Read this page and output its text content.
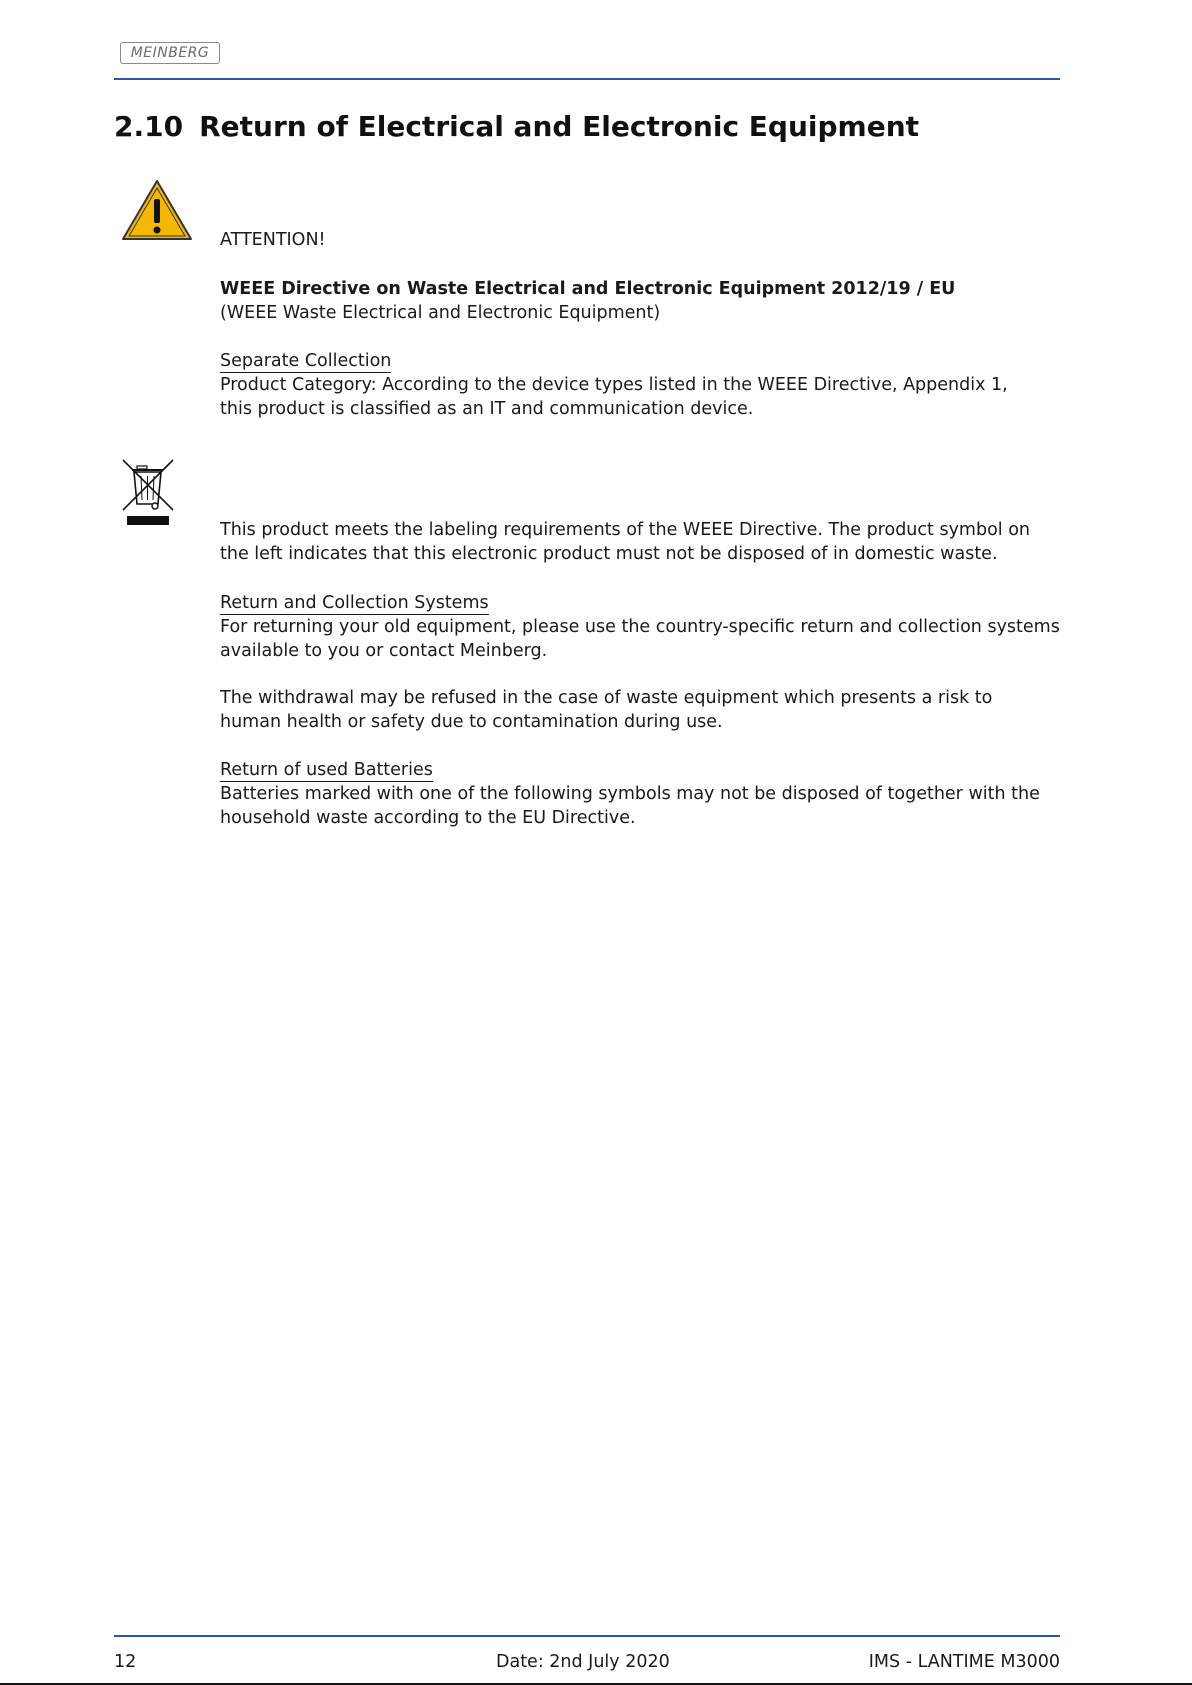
MEINBERG
2.10 Return of Electrical and Electronic Equipment
ATTENTION!
WEEE Directive on Waste Electrical and Electronic Equipment 2012/19 / EU
(WEEE Waste Electrical and Electronic Equipment)
Separate Collection
Product Category: According to the device types listed in the WEEE Directive, Appendix 1,
this product is classified as an IT and communication device.
This product meets the labeling requirements of the WEEE Directive. The product symbol on
the left indicates that this electronic product must not be disposed of in domestic waste.
Return and Collection Systems
For returning your old equipment, please use the country-specific return and collection systems
available to you or contact Meinberg.
The withdrawal may be refused in the case of waste equipment which presents a risk to
human health or safety due to contamination during use.
Return of used Batteries
Batteries marked with one of the following symbols may not be disposed of together with the
household waste according to the EU Directive.
12	Date: 2nd July 2020	IMS - LANTIME M3000
